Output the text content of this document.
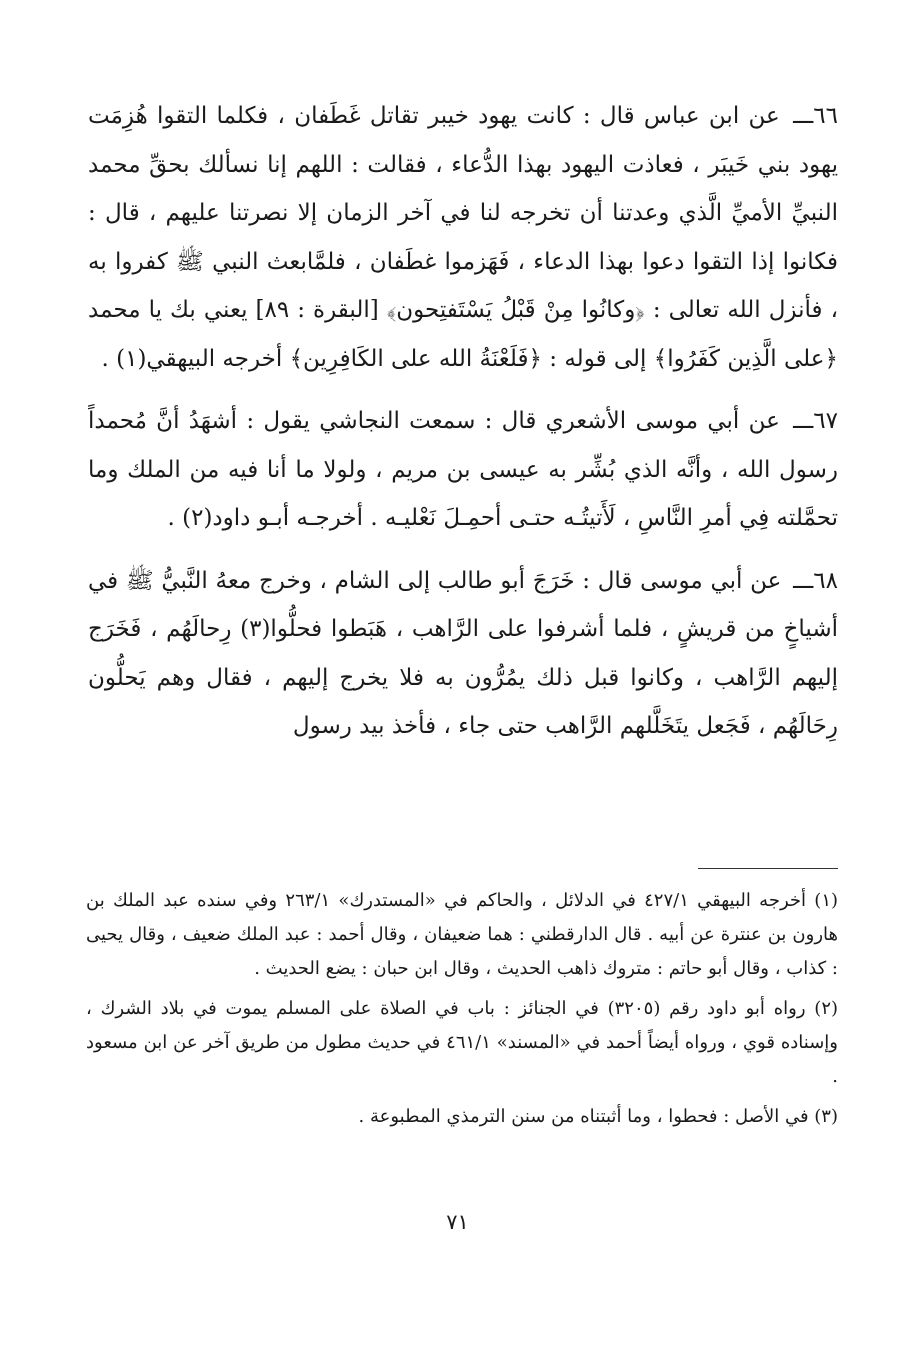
٦٦ـــ عن ابن عباس قال : كانت يهود خيبر تقاتل غَطَفان ، فكلما التقوا هُزِمَت يهود بني خَيبَر ، فعاذت اليهود بهذا الدُّعاء ، فقالت : اللهم إنا نسألك بحقِّ محمد النبيِّ الأميِّ الَّذي وعدتنا أن تخرجه لنا في آخر الزمان إلا نصرتنا عليهم ، قال : فكانوا إذا التقوا دعوا بهذا الدعاء ، فَهَزموا غطَفان ، فلمَّابعث النبي ﷺ كفروا به ، فأنزل الله تعالى : ﴿وكانُوا مِنْ قَبْلُ يَسْتَفتِحون﴾ [البقرة : ٨٩] يعني بك يا محمد ﴿على الَّذِين كَفَرُوا﴾ إلى قوله : ﴿فَلَعْنَةُ الله على الكَافِرِين﴾ أخرجه البيهقي(١) .

٦٧ـــ عن أبي موسى الأشعري قال : سمعت النجاشي يقول : أشهَدُ أنَّ مُحمداً رسول الله ، وأنَّه الذي بُشِّر به عيسى بن مريم ، ولولا ما أنا فيه من الملك وما تحمَّلته فِي أمرِ النَّاسِ ، لَأَتيتُـه حتـى أحمِـلَ نَعْليـه . أخرجـه أبـو داود(٢) .

٦٨ـــ عن أبي موسى قال : خَرَجَ أبو طالب إلى الشام ، وخرج معهُ النَّبيُّ ﷺ في أشياخٍ من قريشٍ ، فلما أشرفوا على الرَّاهب ، هَبَطوا فحلُّوا(٣) رِحالَهُم ، فَخَرَج إليهم الرَّاهب ، وكانوا قبل ذلك يمُرُّون به فلا يخرج إليهم ، فقال وهم يَحلُّون رِحَالَهُم ، فَجَعل يتَخَلَّلهم الرَّاهب حتى جاء ، فأخذ بيد رسول

(١) أخرجه البيهقي ٤٢٧/١ في الدلائل ، والحاكم في «المستدرك» ٢٦٣/١ وفي سنده عبد الملك بن هارون بن عنترة عن أبيه . قال الدارقطني : هما ضعيفان ، وقال أحمد : عبد الملك ضعيف ، وقال يحيى : كذاب ، وقال أبو حاتم : متروك ذاهب الحديث ، وقال ابن حبان : يضع الحديث .

(٢) رواه أبو داود رقم (٣٢٠٥) في الجنائز : باب في الصلاة على المسلم يموت في بلاد الشرك ، وإسناده قوي ، ورواه أيضاً أحمد في «المسند» ٤٦١/١ في حديث مطول من طريق آخر عن ابن مسعود .

(٣) في الأصل : فحطوا ، وما أثبتناه من سنن الترمذي المطبوعة .

٧١
